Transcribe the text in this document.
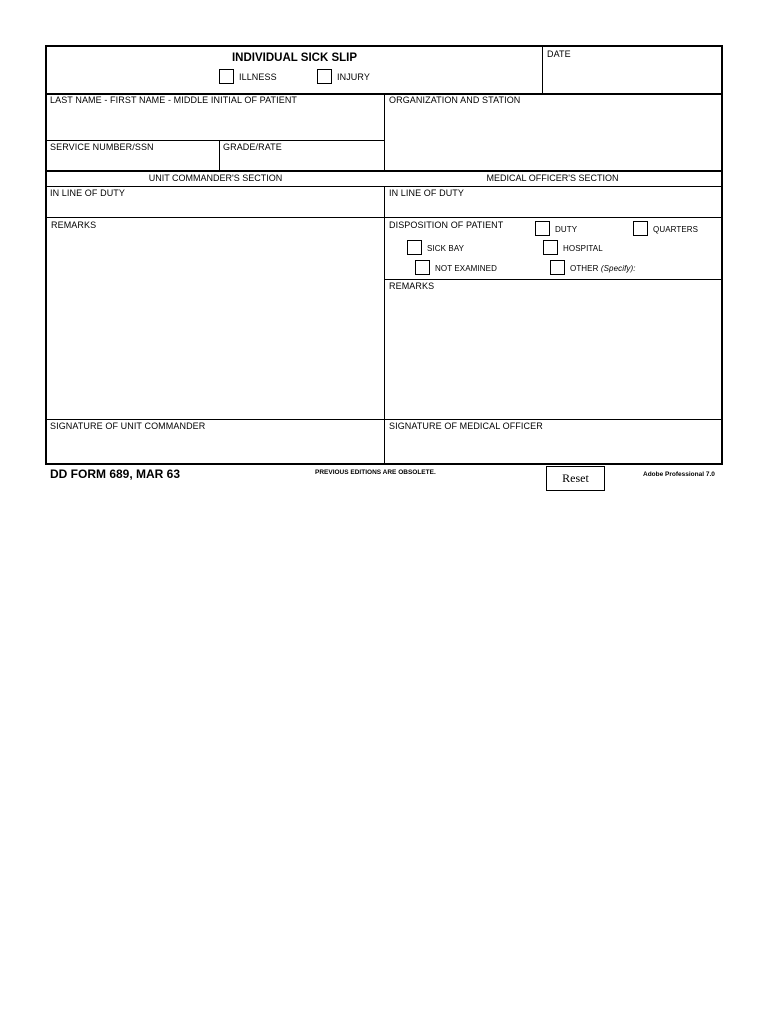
INDIVIDUAL SICK SLIP
ILLNESS	INJURY
DATE
LAST NAME - FIRST NAME - MIDDLE INITIAL OF PATIENT	ORGANIZATION AND STATION
SERVICE NUMBER/SSN	GRADE/RATE
UNIT COMMANDER'S SECTION	MEDICAL OFFICER'S SECTION
IN LINE OF DUTY	IN LINE OF DUTY
REMARKS	DISPOSITION OF PATIENT	DUTY	QUARTERS
SICK BAY	HOSPITAL
NOT EXAMINED	OTHER (Specify):
REMARKS
SIGNATURE OF UNIT COMMANDER	SIGNATURE OF MEDICAL OFFICER
DD FORM 689, MAR 63	PREVIOUS EDITIONS ARE OBSOLETE.	Reset	Adobe Professional 7.0
